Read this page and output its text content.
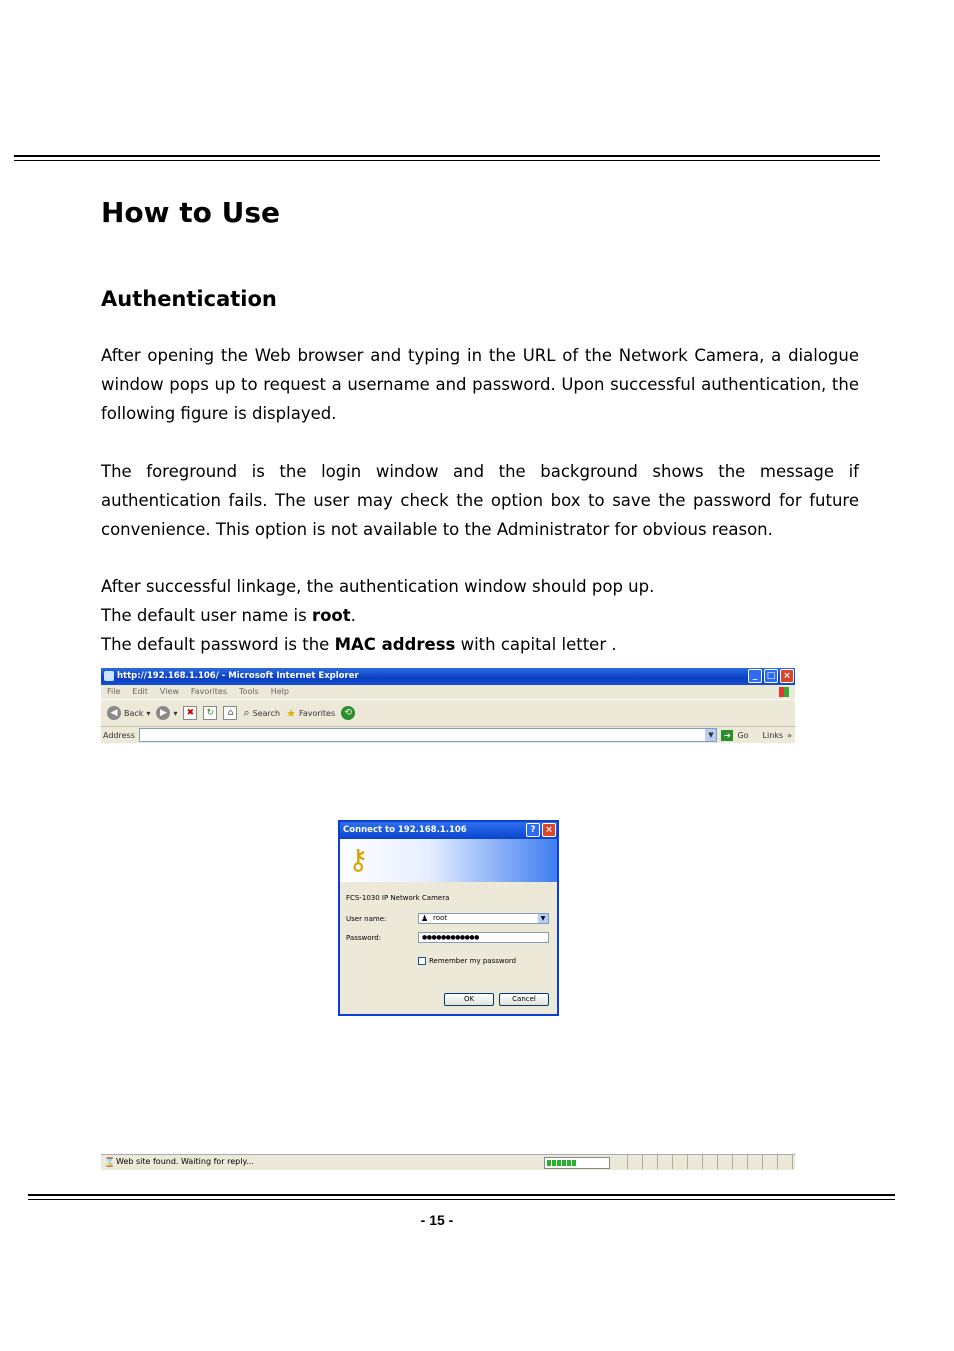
How to Use
Authentication

After opening the Web browser and typing in the URL of the Network Camera, a dialogue window pops up to request a username and password. Upon successful authentication, the following figure is displayed.

The foreground is the login window and the background shows the message if authentication fails. The user may check the option box to save the password for future convenience. This option is not available to the Administrator for obvious reason.

After successful linkage, the authentication window should pop up.
The default user name is root.
The default password is the MAC address with capital letter .
http://192.168.1.106/ - Microsoft Internet Explorer	_	□ ×
File Edit View Favorites Tools Help
◀ Back ▾	▶ ▾	✖	↻	⌂ ⌕ Search ★ Favorites	⟲
Address	▼	➔ Go Links »
Connect to 192.168.1.106	?	×
⚷
FCS-1030 IP Network Camera
User name:	♟ root	▼
Password:	●●●●●●●●●●●●
Remember my password
OK	Cancel
⌛ Web site found. Waiting for reply...
- 15 -
